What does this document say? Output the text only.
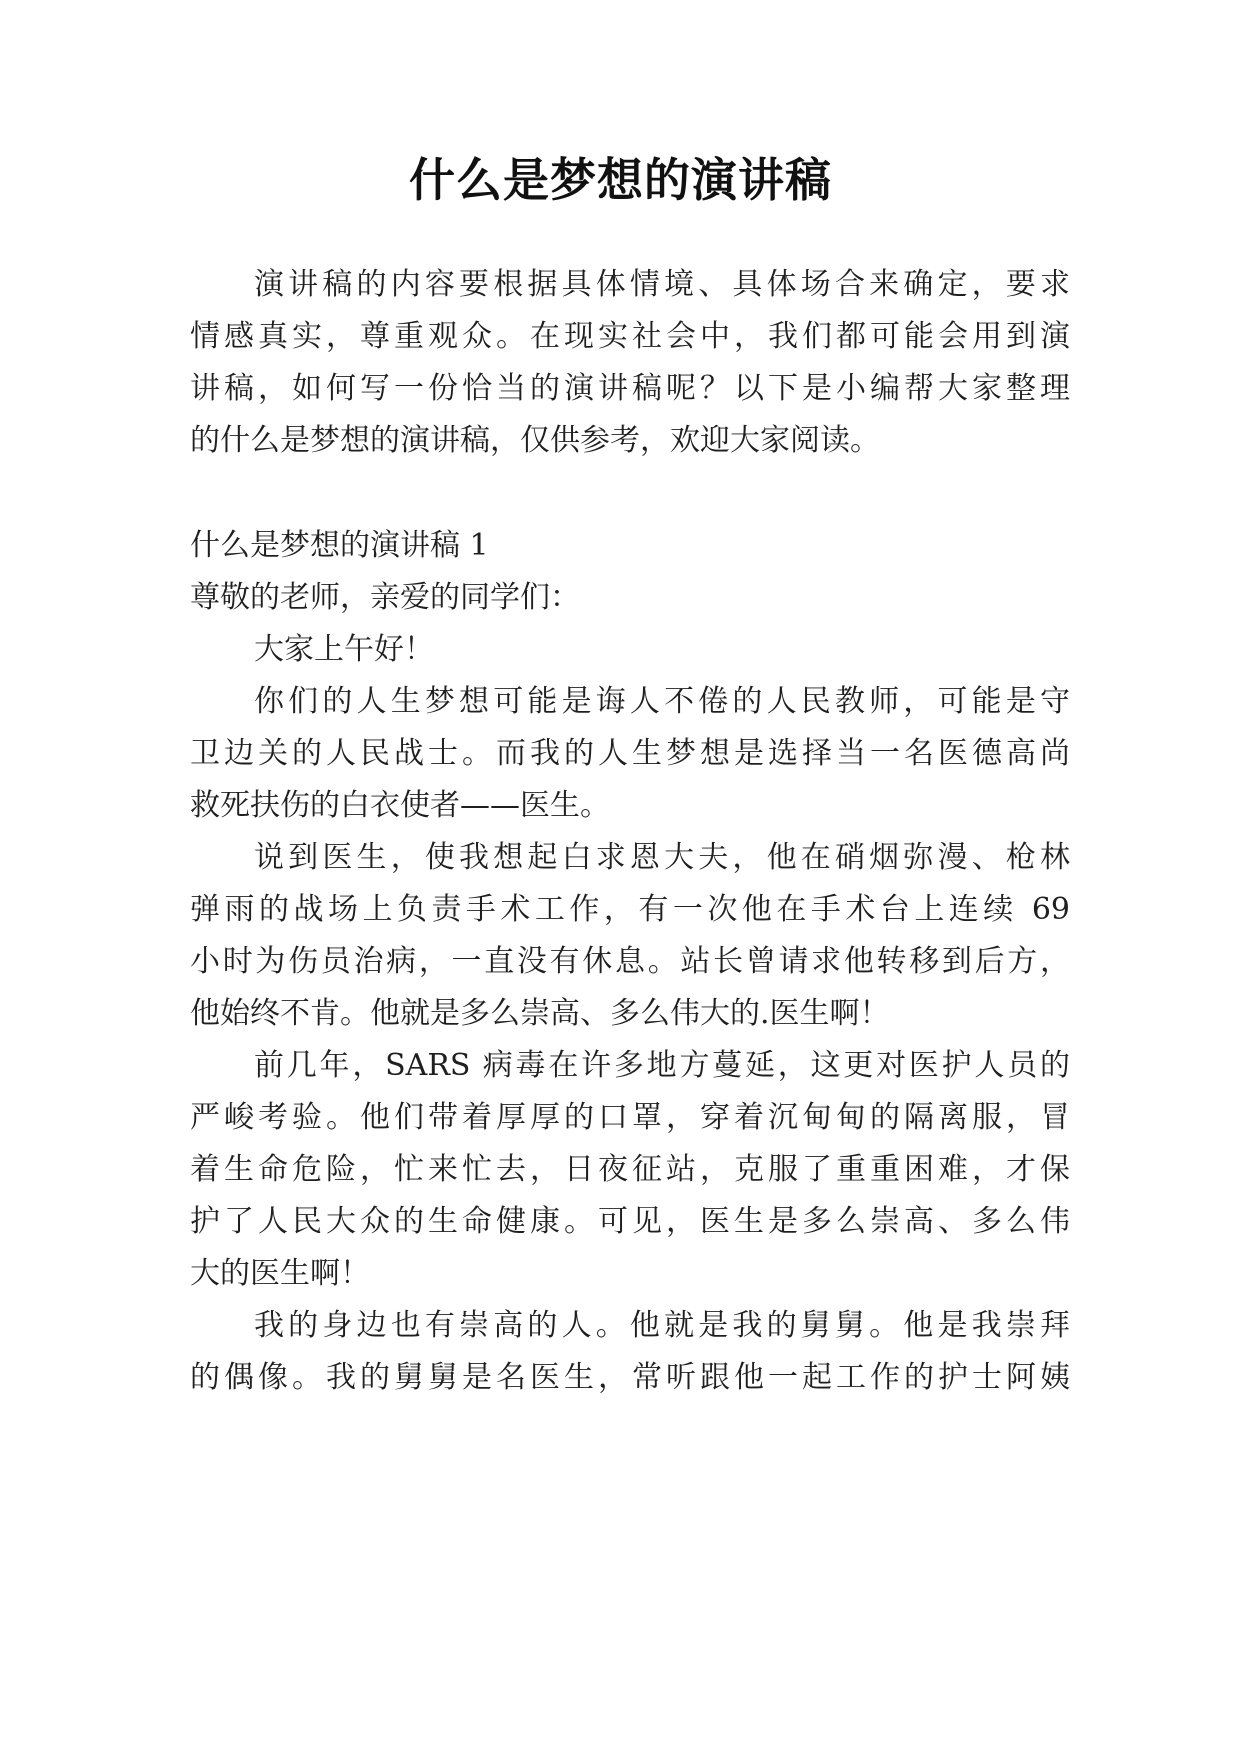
什么是梦想的演讲稿
演讲稿的内容要根据具体情境、具体场合来确定，要求
情感真实，尊重观众。在现实社会中，我们都可能会用到演
讲稿，如何写一份恰当的演讲稿呢？以下是小编帮大家整理
的什么是梦想的演讲稿，仅供参考，欢迎大家阅读。
什么是梦想的演讲稿 1
尊敬的老师，亲爱的同学们：
大家上午好！
你们的人生梦想可能是诲人不倦的人民教师，可能是守
卫边关的人民战士。而我的人生梦想是选择当一名医德高尚
救死扶伤的白衣使者——医生。
说到医生，使我想起白求恩大夫，他在硝烟弥漫、枪林
弹雨的战场上负责手术工作，有一次他在手术台上连续 69
小时为伤员治病，一直没有休息。站长曾请求他转移到后方，
他始终不肯。他就是多么崇高、多么伟大的.医生啊！
前几年，SARS 病毒在许多地方蔓延，这更对医护人员的
严峻考验。他们带着厚厚的口罩，穿着沉甸甸的隔离服，冒
着生命危险，忙来忙去，日夜征站，克服了重重困难，才保
护了人民大众的生命健康。可见，医生是多么崇高、多么伟
大的医生啊！
我的身边也有崇高的人。他就是我的舅舅。他是我崇拜
的偶像。我的舅舅是名医生，常听跟他一起工作的护士阿姨
